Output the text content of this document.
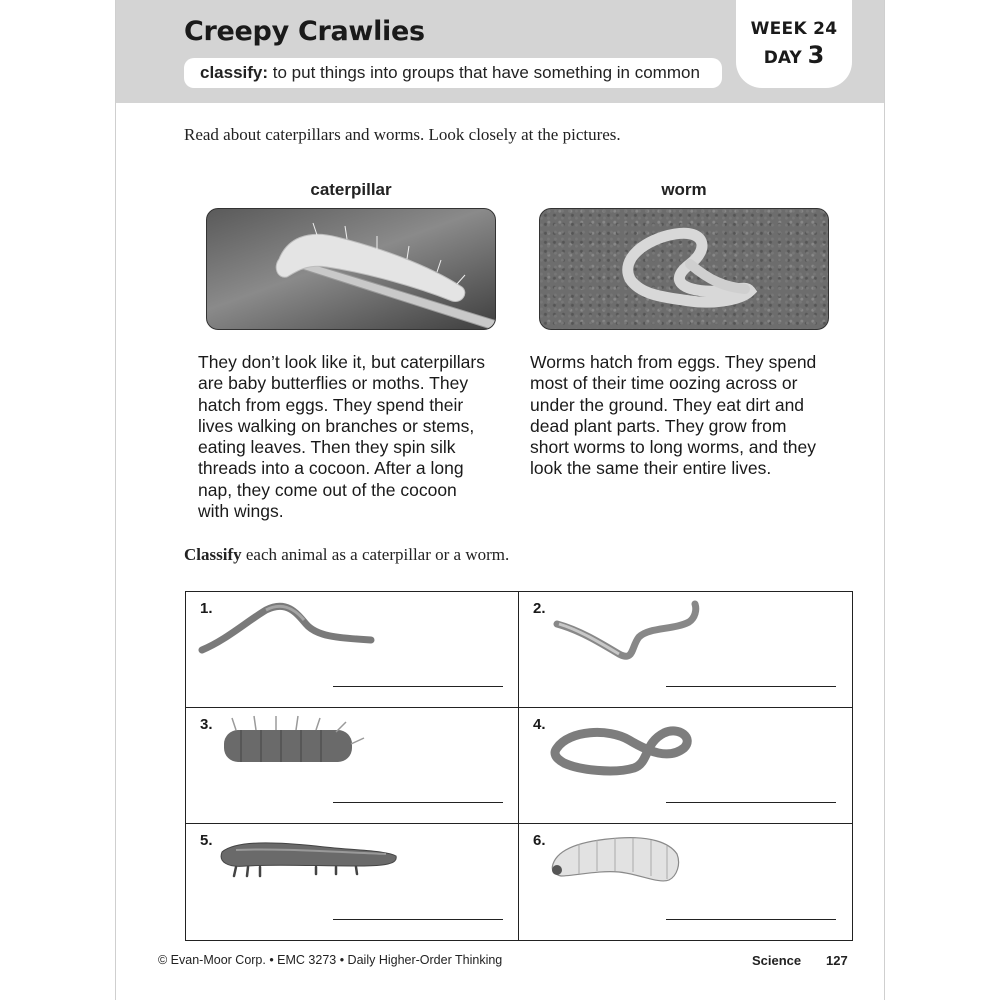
Creepy Crawlies
classify: to put things into groups that have something in common
WEEK 24
DAY 3
Read about caterpillars and worms. Look closely at the pictures.
caterpillar	worm
They don’t look like it, but caterpillars are baby butterflies or moths. They hatch from eggs. They spend their lives walking on branches or stems, eating leaves. Then they spin silk threads into a cocoon. After a long nap, they come out of the cocoon with wings.
Worms hatch from eggs. They spend most of their time oozing across or under the ground. They eat dirt and dead plant parts. They grow from short worms to long worms, and they look the same their entire lives.
Classify each animal as a caterpillar or a worm.
1.	2.
3.	4.
5.	6.
© Evan-Moor Corp. • EMC 3273 • Daily Higher-Order Thinking	Science 127
